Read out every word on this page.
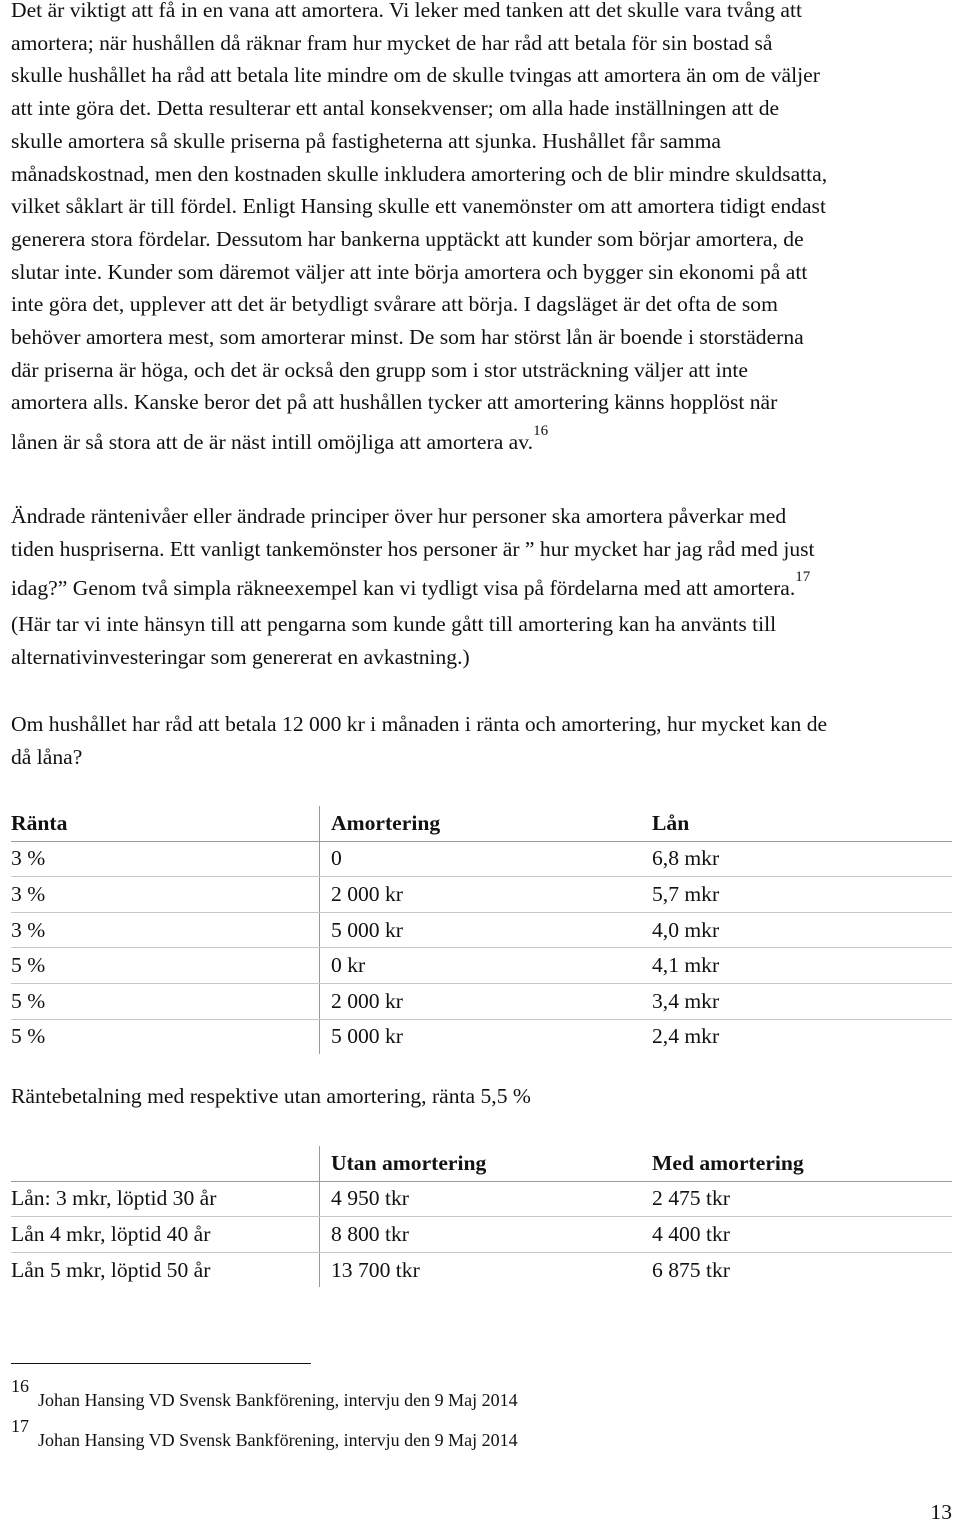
Det är viktigt att få in en vana att amortera. Vi leker med tanken att det skulle vara tvång att
amortera; när hushållen då räknar fram hur mycket de har råd att betala för sin bostad så
skulle hushållet ha råd att betala lite mindre om de skulle tvingas att amortera än om de väljer
att inte göra det. Detta resulterar ett antal konsekvenser; om alla hade inställningen att de
skulle amortera så skulle priserna på fastigheterna att sjunka. Hushållet får samma
månadskostnad, men den kostnaden skulle inkludera amortering och de blir mindre skuldsatta,
vilket såklart är till fördel. Enligt Hansing skulle ett vanemönster om att amortera tidigt endast
generera stora fördelar. Dessutom har bankerna upptäckt att kunder som börjar amortera, de
slutar inte. Kunder som däremot väljer att inte börja amortera och bygger sin ekonomi på att
inte göra det, upplever att det är betydligt svårare att börja. I dagsläget är det ofta de som
behöver amortera mest, som amorterar minst. De som har störst lån är boende i storstäderna
där priserna är höga, och det är också den grupp som i stor utsträckning väljer att inte
amortera alls. Kanske beror det på att hushållen tycker att amortering känns hopplöst när
lånen är så stora att de är näst intill omöjliga att amortera av.$^{16}$

Ändrade räntenivåer eller ändrade principer över hur personer ska amortera påverkar med
tiden huspriserna. Ett vanligt tankemönster hos personer är ” hur mycket har jag råd med just
idag?” Genom två simpla räkneexempel kan vi tydligt visa på fördelarna med att amortera.$^{17}$
(Här tar vi inte hänsyn till att pengarna som kunde gått till amortering kan ha använts till
alternativinvesteringar som genererat en avkastning.)

Om hushållet har råd att betala 12 000 kr i månaden i ränta och amortering, hur mycket kan de
då låna?

Ränta	Amortering	Lån
3 %	0	6,8 mkr
3 %	2 000 kr	5,7 mkr
3 %	5 000 kr	4,0 mkr
5 %	0 kr	4,1 mkr
5 %	2 000 kr	3,4 mkr
5 %	5 000 kr	2,4 mkr

Räntebetalning med respektive utan amortering, ränta 5,5 %

	Utan amortering	Med amortering
Lån: 3 mkr, löptid 30 år	4 950 tkr	2 475 tkr
Lån 4 mkr, löptid 40 år	8 800 tkr	4 400 tkr
Lån 5 mkr, löptid 50 år	13 700 tkr	6 875 tkr
16
Johan Hansing VD Svensk Bankförening, intervju den 9 Maj 2014
17
Johan Hansing VD Svensk Bankförening, intervju den 9 Maj 2014
13
